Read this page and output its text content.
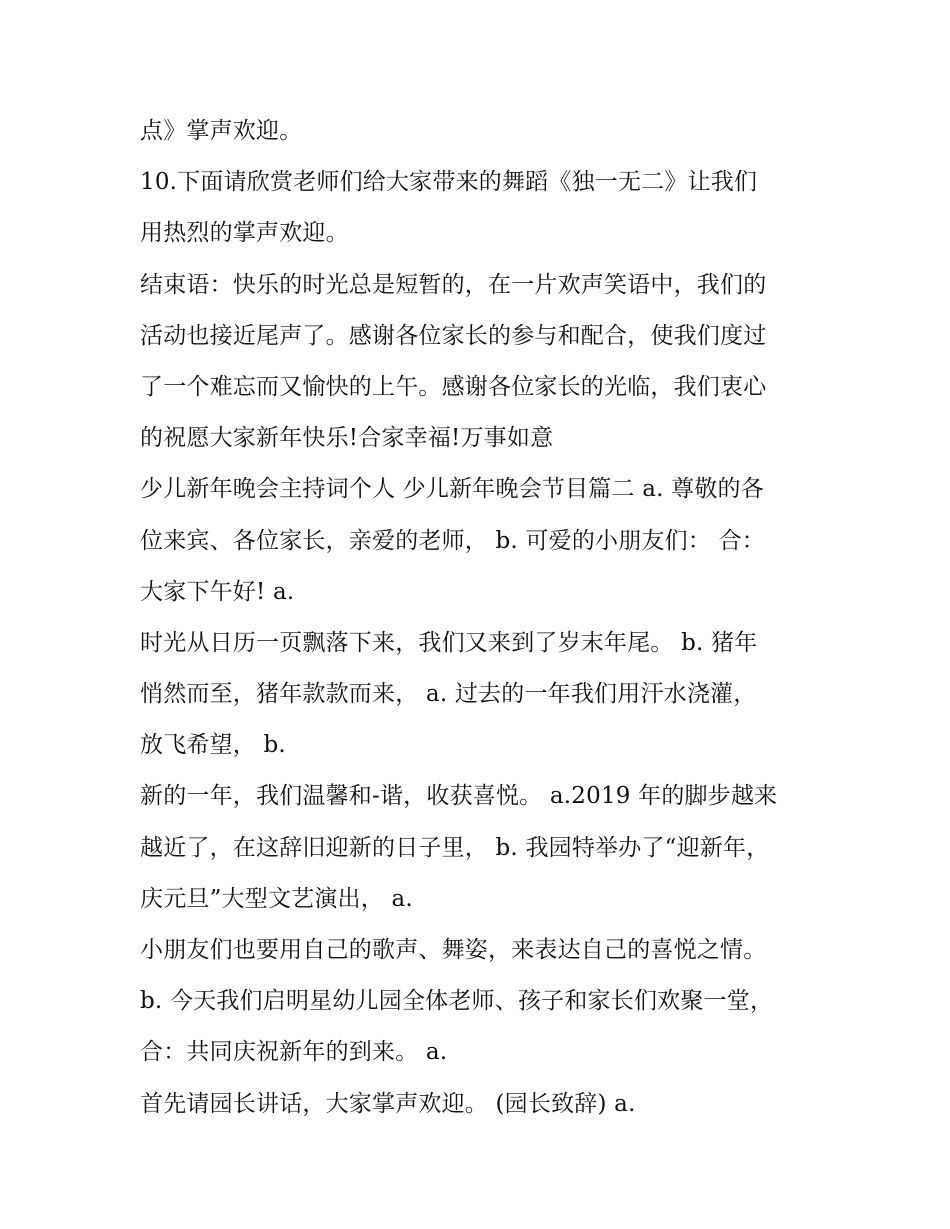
点》掌声欢迎。
10.下面请欣赏老师们给大家带来的舞蹈《独一无二》让我们
用热烈的掌声欢迎。
结束语：快乐的时光总是短暂的，在一片欢声笑语中，我们的
活动也接近尾声了。感谢各位家长的参与和配合，使我们度过
了一个难忘而又愉快的上午。感谢各位家长的光临，我们衷心
的祝愿大家新年快乐!合家幸福!万事如意
少儿新年晚会主持词个人 少儿新年晚会节目篇二 a. 尊敬的各
位来宾、各位家长，亲爱的老师， b. 可爱的小朋友们： 合：
大家下午好! a.
时光从日历一页飘落下来，我们又来到了岁末年尾。 b. 猪年
悄然而至，猪年款款而来， a. 过去的一年我们用汗水浇灌，
放飞希望， b.
新的一年，我们温馨和-谐，收获喜悦。 a.2019 年的脚步越来
越近了，在这辞旧迎新的日子里， b. 我园特举办了“迎新年，
庆元旦”大型文艺演出， a.
小朋友们也要用自己的歌声、舞姿，来表达自己的喜悦之情。
b. 今天我们启明星幼儿园全体老师、孩子和家长们欢聚一堂，
合：共同庆祝新年的到来。 a.
首先请园长讲话，大家掌声欢迎。 (园长致辞) a.
